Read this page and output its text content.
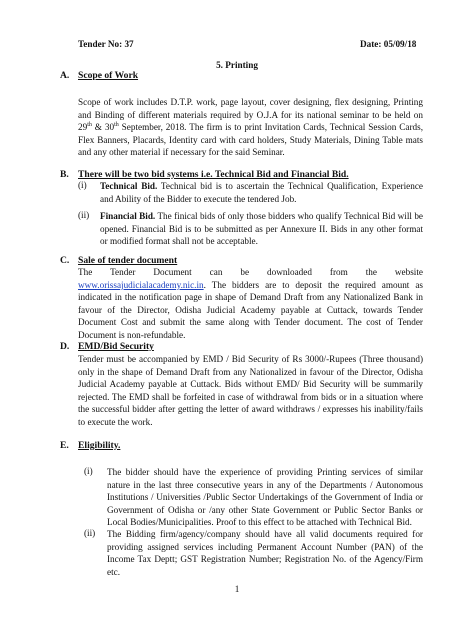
Tender No: 37	Date: 05/09/18
5. Printing
A. Scope of Work
Scope of work includes D.T.P. work, page layout, cover designing, flex designing, Printing and Binding of different materials required by O.J.A for its national seminar to be held on 29th & 30th September, 2018. The firm is to print Invitation Cards, Technical Session Cards, Flex Banners, Placards, Identity card with card holders, Study Materials, Dining Table mats and any other material if necessary for the said Seminar.
B. There will be two bid systems i.e. Technical Bid and Financial Bid.
(i) Technical Bid. Technical bid is to ascertain the Technical Qualification, Experience and Ability of the Bidder to execute the tendered Job.
(ii) Financial Bid. The finical bids of only those bidders who qualify Technical Bid will be opened. Financial Bid is to be submitted as per Annexure II. Bids in any other format or modified format shall not be acceptable.
C. Sale of tender document
The Tender Document can be downloaded from the website
www.orissajudicialacademy.nic.in. The bidders are to deposit the required amount as indicated in the notification page in shape of Demand Draft from any Nationalized Bank in favour of the Director, Odisha Judicial Academy payable at Cuttack, towards Tender Document Cost and submit the same along with Tender document. The cost of Tender Document is non-refundable.
D. EMD/Bid Security
Tender must be accompanied by EMD / Bid Security of Rs 3000/-Rupees (Three thousand) only in the shape of Demand Draft from any Nationalized in favour of the Director, Odisha Judicial Academy payable at Cuttack. Bids without EMD/ Bid Security will be summarily rejected. The EMD shall be forfeited in case of withdrawal from bids or in a situation where the successful bidder after getting the letter of award withdraws / expresses his inability/fails to execute the work.
E. Eligibility.
(i) The bidder should have the experience of providing Printing services of similar nature in the last three consecutive years in any of the Departments / Autonomous Institutions / Universities /Public Sector Undertakings of the Government of India or Government of Odisha or /any other State Government or Public Sector Banks or Local Bodies/Municipalities. Proof to this effect to be attached with Technical Bid.
(ii) The Bidding firm/agency/company should have all valid documents required for providing assigned services including Permanent Account Number (PAN) of the Income Tax Deptt; GST Registration Number; Registration No. of the Agency/Firm etc.
1
